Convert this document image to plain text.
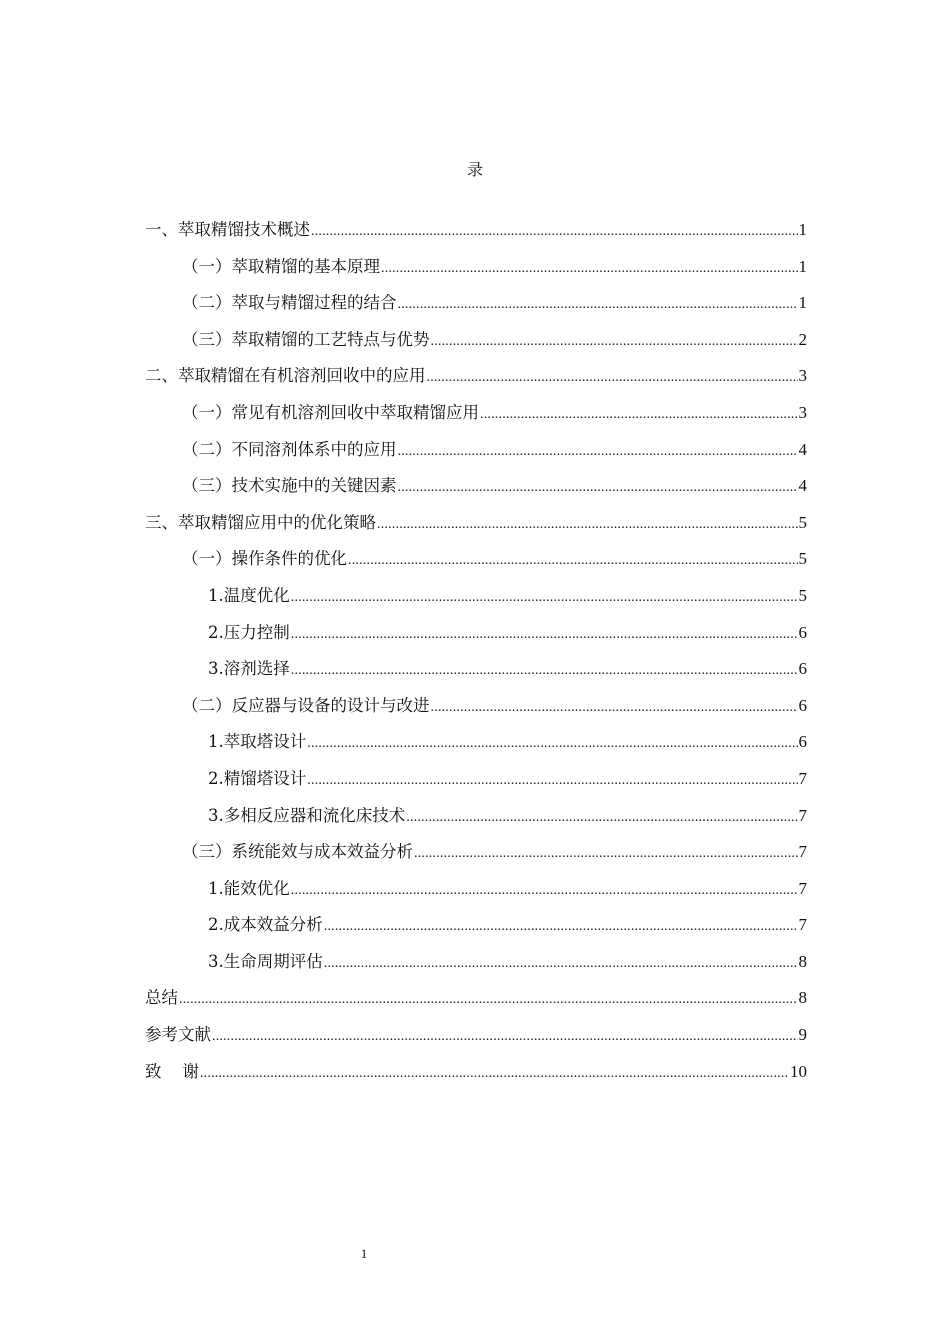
录
一、萃取精馏技术概述 .....	1
（一）萃取精馏的基本原理 .....	1
（二）萃取与精馏过程的结合 .....	1
（三）萃取精馏的工艺特点与优势 .....	2
二、萃取精馏在有机溶剂回收中的应用 .....	3
（一）常见有机溶剂回收中萃取精馏应用 .....	3
（二）不同溶剂体系中的应用 .....	4
（三）技术实施中的关键因素 .....	4
三、萃取精馏应用中的优化策略 .....	5
（一）操作条件的优化 .....	5
1.温度优化 .....	5
2.压力控制 .....	6
3.溶剂选择 .....	6
（二）反应器与设备的设计与改进 .....	6
1.萃取塔设计 .....	6
2.精馏塔设计 .....	7
3.多相反应器和流化床技术 .....	7
（三）系统能效与成本效益分析 .....	7
1.能效优化 .....	7
2.成本效益分析 .....	7
3.生命周期评估 .....	8
总结 .....	8
参考文献 .....	9
致    谢 .....	10
1
